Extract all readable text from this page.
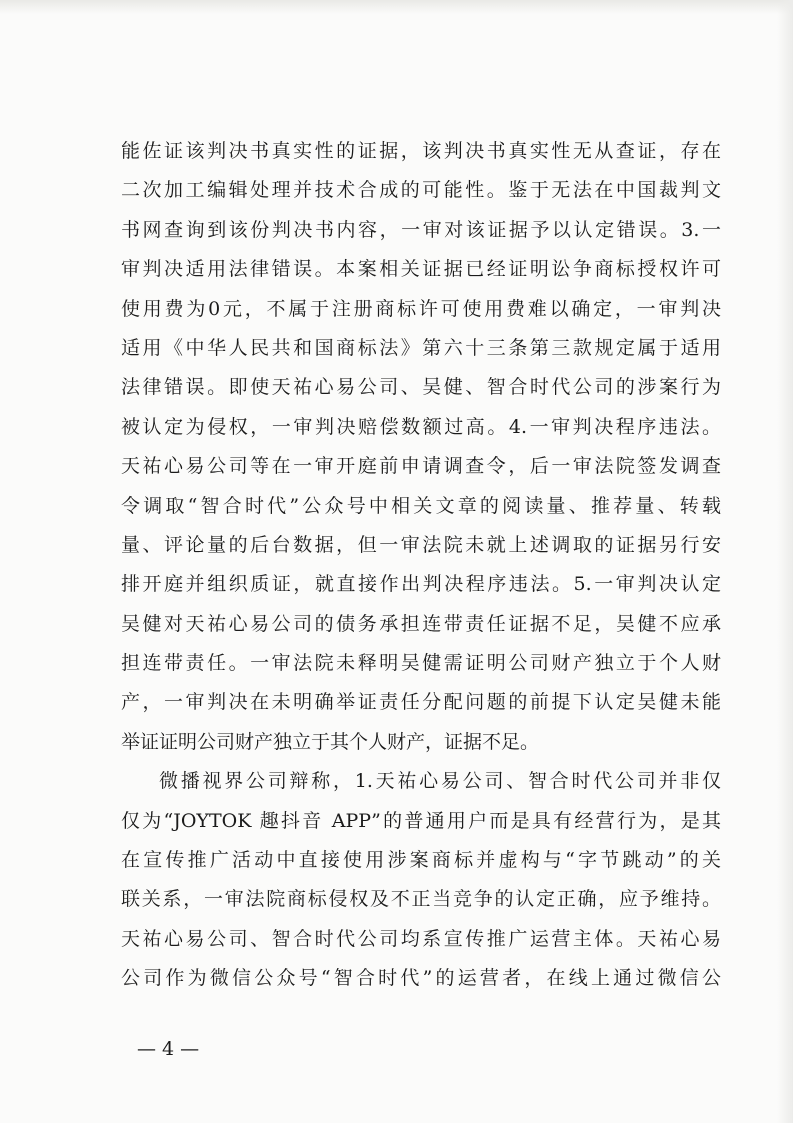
能佐证该判决书真实性的证据，该判决书真实性无从查证，存在
二次加工编辑处理并技术合成的可能性。鉴于无法在中国裁判文
书网查询到该份判决书内容，一审对该证据予以认定错误。3.一
审判决适用法律错误。本案相关证据已经证明讼争商标授权许可
使用费为0元，不属于注册商标许可使用费难以确定，一审判决
适用《中华人民共和国商标法》第六十三条第三款规定属于适用
法律错误。即使天祐心易公司、吴健、智合时代公司的涉案行为
被认定为侵权，一审判决赔偿数额过高。4.一审判决程序违法。
天祐心易公司等在一审开庭前申请调查令，后一审法院签发调查
令调取“智合时代”公众号中相关文章的阅读量、推荐量、转载
量、评论量的后台数据，但一审法院未就上述调取的证据另行安
排开庭并组织质证，就直接作出判决程序违法。5.一审判决认定
吴健对天祐心易公司的债务承担连带责任证据不足，吴健不应承
担连带责任。一审法院未释明吴健需证明公司财产独立于个人财
产，一审判决在未明确举证责任分配问题的前提下认定吴健未能
举证证明公司财产独立于其个人财产，证据不足。
微播视界公司辩称，1.天祐心易公司、智合时代公司并非仅
仅为“JOYTOK 趣抖音 APP”的普通用户而是具有经营行为，是其
在宣传推广活动中直接使用涉案商标并虚构与“字节跳动”的关
联关系，一审法院商标侵权及不正当竞争的认定正确，应予维持。
天祐心易公司、智合时代公司均系宣传推广运营主体。天祐心易
公司作为微信公众号“智合时代”的运营者，在线上通过微信公
— 4 —
